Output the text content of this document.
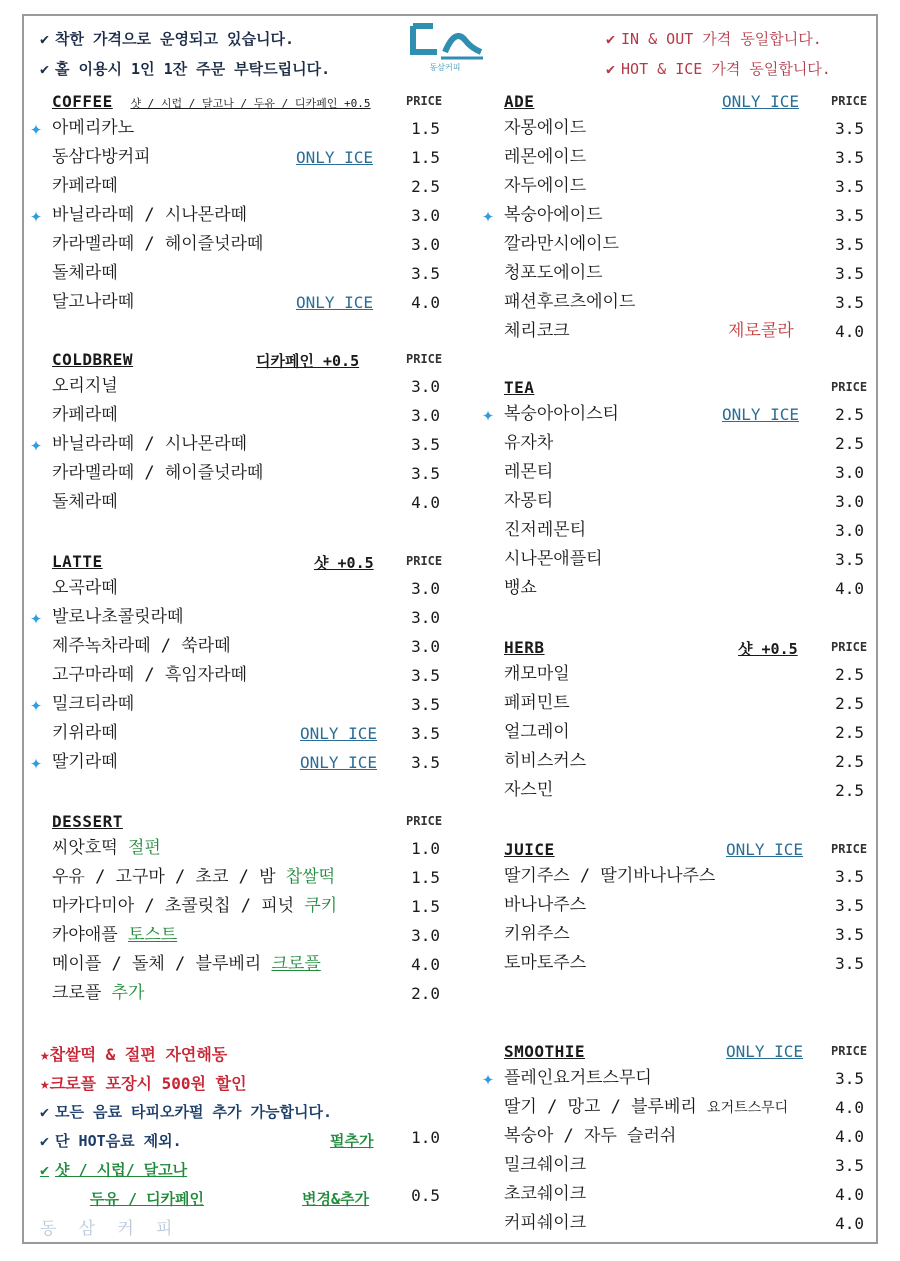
✔ 착한 가격으로 운영되고 있습니다.
✔ 홀 이용시 1인 1잔 주문 부탁드립니다.
✔ IN & OUT 가격 동일합니다.
✔ HOT & ICE 가격 동일합니다.
동삼커피
COFFEE 샷 / 시럽 / 달고나 / 두유 / 디카페인 +0.5	PRICE
✦ 아메리카노	1.5
동삼다방커피	ONLY ICE	1.5
카페라떼	2.5
✦ 바닐라라떼 / 시나몬라떼	3.0
카라멜라떼 / 헤이즐넛라떼	3.0
돌체라떼	3.5
달고나라떼	ONLY ICE	4.0
COLDBREW	디카페인 +0.5	PRICE
오리지널	3.0
카페라떼	3.0
✦ 바닐라라떼 / 시나몬라떼	3.5
카라멜라떼 / 헤이즐넛라떼	3.5
돌체라떼	4.0
LATTE	샷 +0.5	PRICE
오곡라떼	3.0
✦ 발로나초콜릿라떼	3.0
제주녹차라떼 / 쑥라떼	3.0
고구마라떼 / 흑임자라떼	3.5
✦ 밀크티라떼	3.5
키위라떼	ONLY ICE	3.5
✦ 딸기라떼	ONLY ICE	3.5
DESSERT	PRICE
씨앗호떡 절편	1.0
우유 / 고구마 / 초코 / 밤 찹쌀떡	1.5
마카다미아 / 초콜릿칩 / 피넛 쿠키	1.5
카야애플 토스트	3.0
메이플 / 돌체 / 블루베리 크로플	4.0
크로플 추가	2.0
★찹쌀떡 & 절편 자연해동
★크로플 포장시 500원 할인
✔ 모든 음료 타피오카펄 추가 가능합니다.
✔ 단 HOT음료 제외.	펄추가	1.0
✔ 샷 / 시럽/ 달고나
두유 / 디카페인	변경&추가	0.5
동 삼 커 피
ADE	ONLY ICE	PRICE
자몽에이드	3.5
레몬에이드	3.5
자두에이드	3.5
✦ 복숭아에이드	3.5
깔라만시에이드	3.5
청포도에이드	3.5
패션후르츠에이드	3.5
체리코크	제로콜라	4.0
TEA	PRICE
✦ 복숭아아이스티	ONLY ICE	2.5
유자차	2.5
레몬티	3.0
자몽티	3.0
진저레몬티	3.0
시나몬애플티	3.5
뱅쇼	4.0
HERB	샷 +0.5	PRICE
캐모마일	2.5
페퍼민트	2.5
얼그레이	2.5
히비스커스	2.5
자스민	2.5
JUICE	ONLY ICE PRICE
딸기주스 / 딸기바나나주스	3.5
바나나주스	3.5
키위주스	3.5
토마토주스	3.5
SMOOTHIE	ONLY ICE PRICE
✦ 플레인요거트스무디	3.5
딸기 / 망고 / 블루베리 요거트스무디	4.0
복숭아 / 자두 슬러쉬	4.0
밀크쉐이크	3.5
초코쉐이크	4.0
커피쉐이크	4.0
